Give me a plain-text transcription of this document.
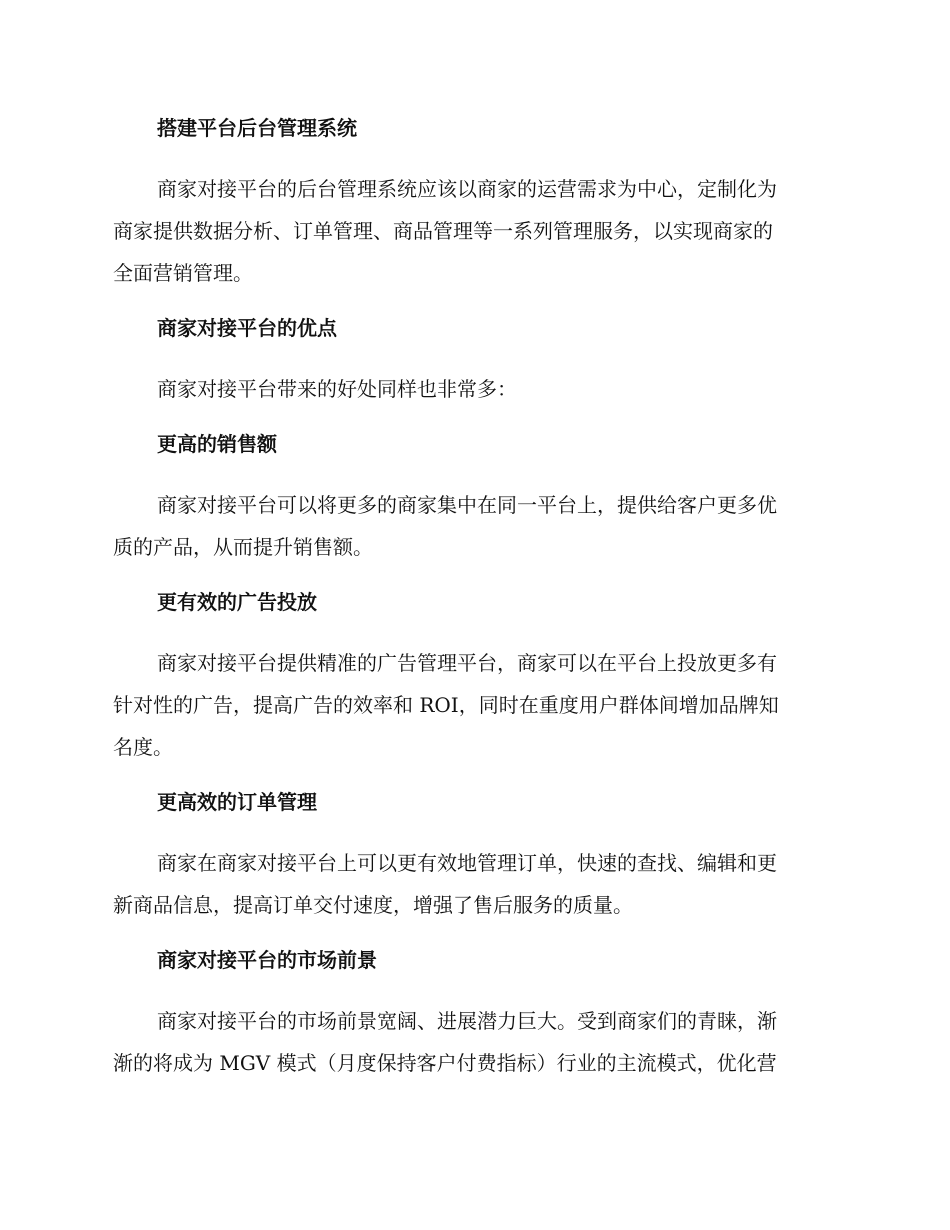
搭建平台后台管理系统
商家对接平台的后台管理系统应该以商家的运营需求为中心，定制化为
商家提供数据分析、订单管理、商品管理等一系列管理服务，以实现商家的
全面营销管理。
商家对接平台的优点
商家对接平台带来的好处同样也非常多：
更高的销售额
商家对接平台可以将更多的商家集中在同一平台上，提供给客户更多优
质的产品，从而提升销售额。
更有效的广告投放
商家对接平台提供精准的广告管理平台，商家可以在平台上投放更多有
针对性的广告，提高广告的效率和 ROI，同时在重度用户群体间增加品牌知
名度。
更高效的订单管理
商家在商家对接平台上可以更有效地管理订单，快速的查找、编辑和更
新商品信息，提高订单交付速度，增强了售后服务的质量。
商家对接平台的市场前景
商家对接平台的市场前景宽阔、进展潜力巨大。受到商家们的青睐，渐
渐的将成为 MGV 模式（月度保持客户付费指标）行业的主流模式，优化营
